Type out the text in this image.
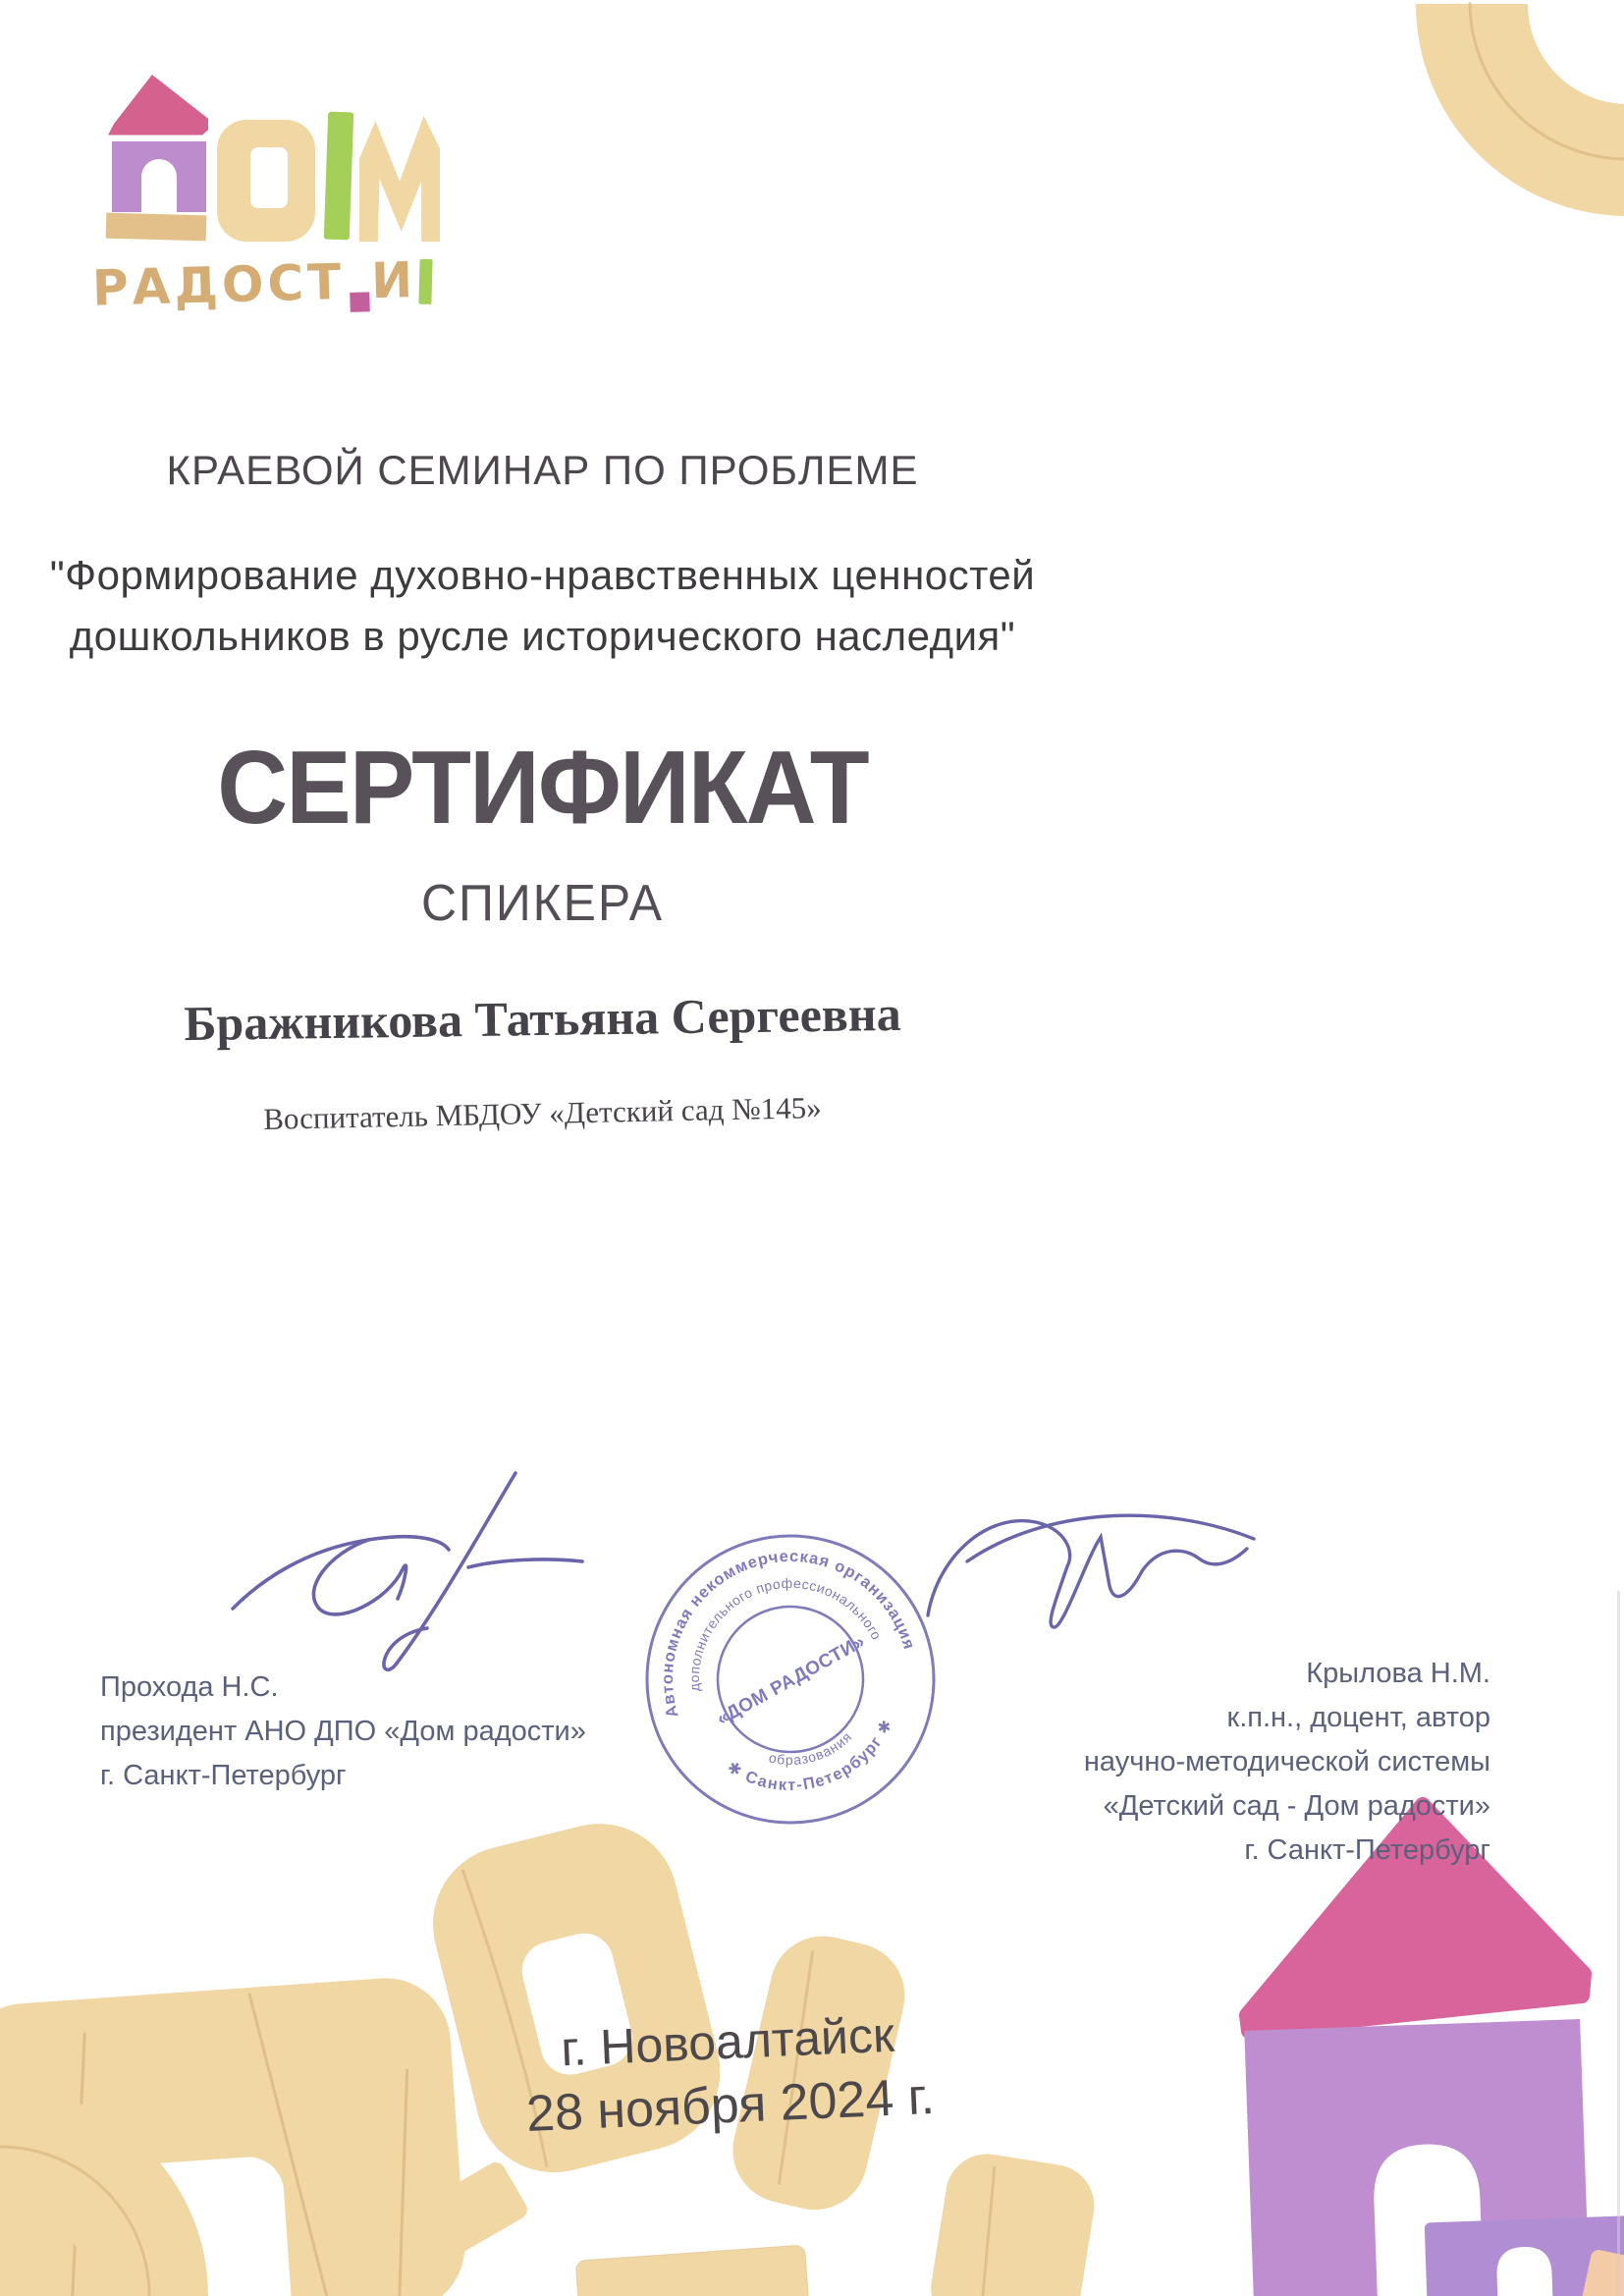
РАДОСТ И
КРАЕВОЙ СЕМИНАР ПО ПРОБЛЕМЕ
"Формирование духовно-нравственных ценностей
дошкольников в русле исторического наследия"
СЕРТИФИКАТ
СПИКЕРА
Бражникова Татьяна Сергеевна
Воспитатель МБДОУ «Детский сад №145»
Автономная некоммерческая организация
✱ Санкт-Петербург ✱
дополнительного профессионального
образования
«ДОМ РАДОСТИ»
Прохода Н.С.
президент АНО ДПО «Дом радости»
г. Санкт-Петербург
Крылова Н.М.
к.п.н., доцент, автор
научно-методической системы
«Детский сад - Дом радости»
г. Санкт-Петербург
г. Новоалтайск
28 ноября 2024 г.
